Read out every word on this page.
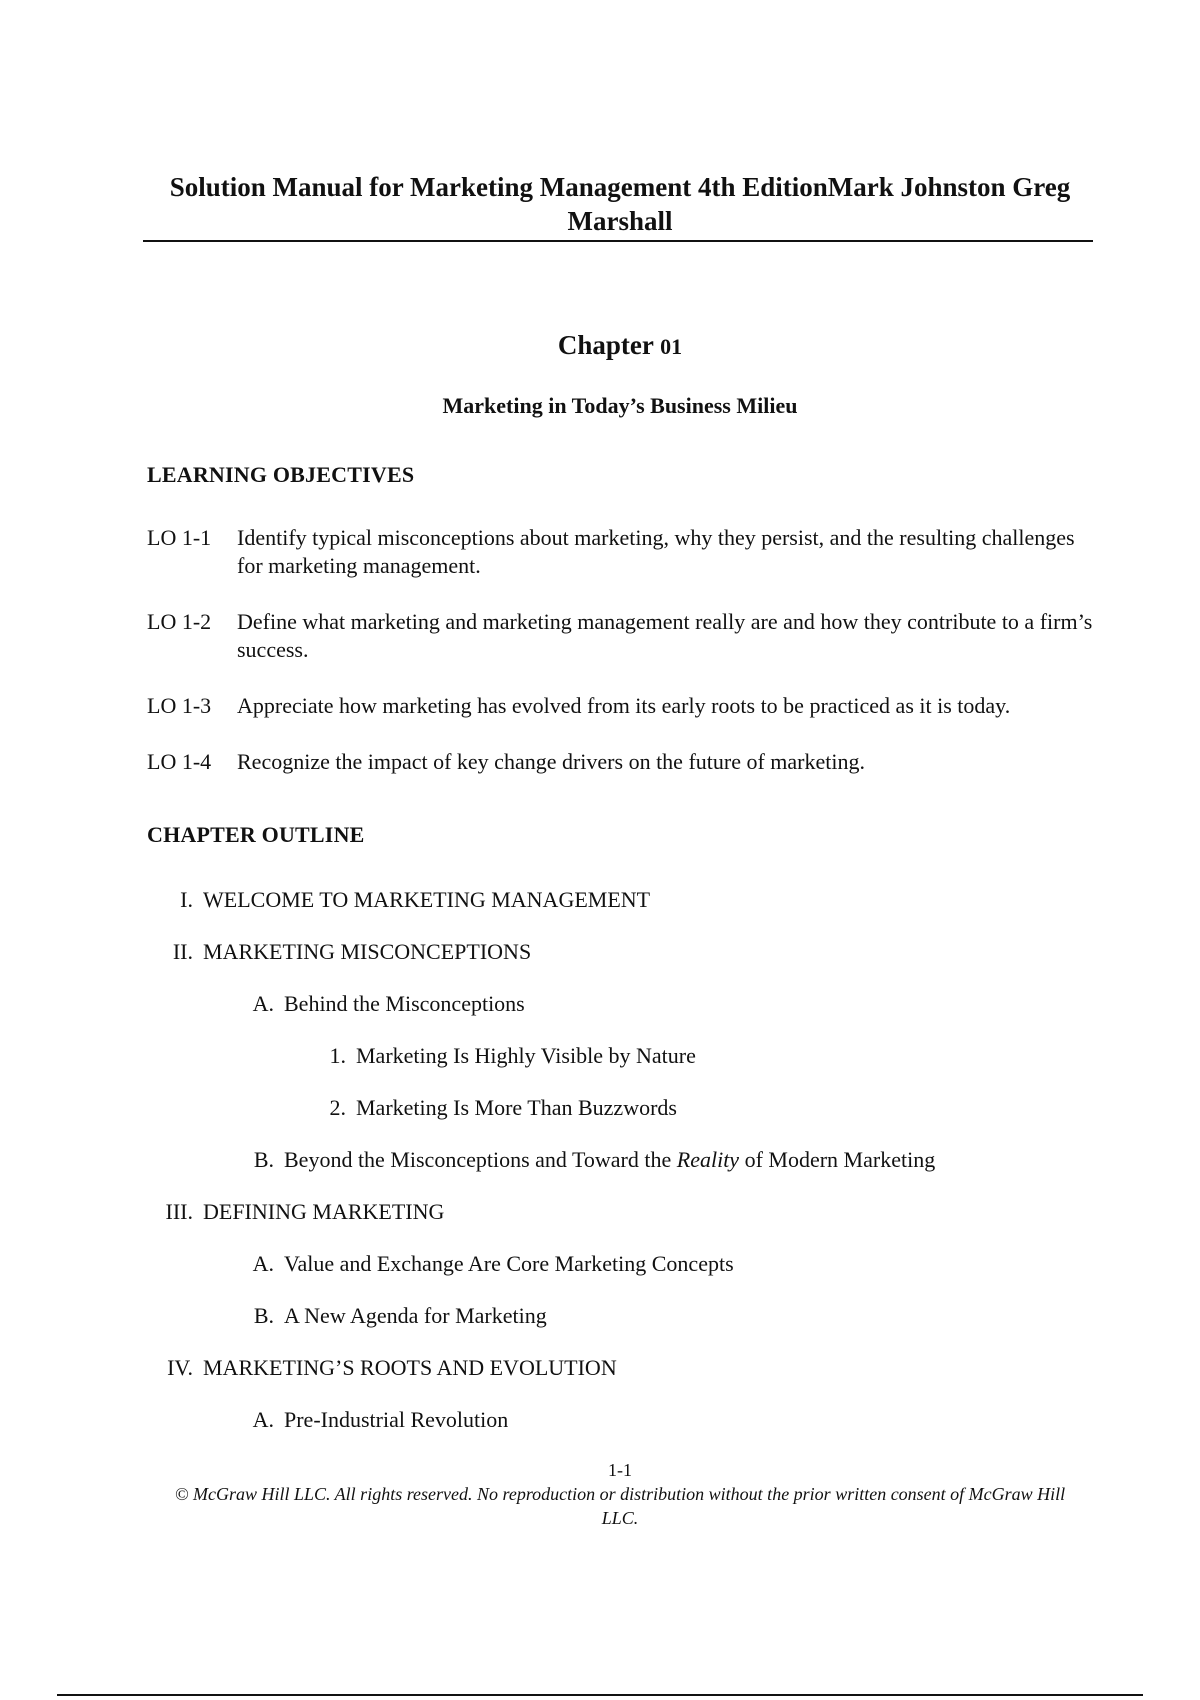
Solution Manual for Marketing Management 4th EditionMark Johnston Greg Marshall
Chapter 01
Marketing in Today’s Business Milieu
LEARNING OBJECTIVES
LO 1-1	Identify typical misconceptions about marketing, why they persist, and the resulting challenges for marketing management.
LO 1-2	Define what marketing and marketing management really are and how they contribute to a firm’s success.
LO 1-3	Appreciate how marketing has evolved from its early roots to be practiced as it is today.
LO 1-4	Recognize the impact of key change drivers on the future of marketing.
CHAPTER OUTLINE
I. WELCOME TO MARKETING MANAGEMENT
II. MARKETING MISCONCEPTIONS
A. Behind the Misconceptions
1. Marketing Is Highly Visible by Nature
2. Marketing Is More Than Buzzwords
B. Beyond the Misconceptions and Toward the Reality of Modern Marketing
III. DEFINING MARKETING
A. Value and Exchange Are Core Marketing Concepts
B. A New Agenda for Marketing
IV. MARKETING’S ROOTS AND EVOLUTION
A. Pre-Industrial Revolution
1-1
© McGraw Hill LLC. All rights reserved. No reproduction or distribution without the prior written consent of McGraw Hill LLC.
